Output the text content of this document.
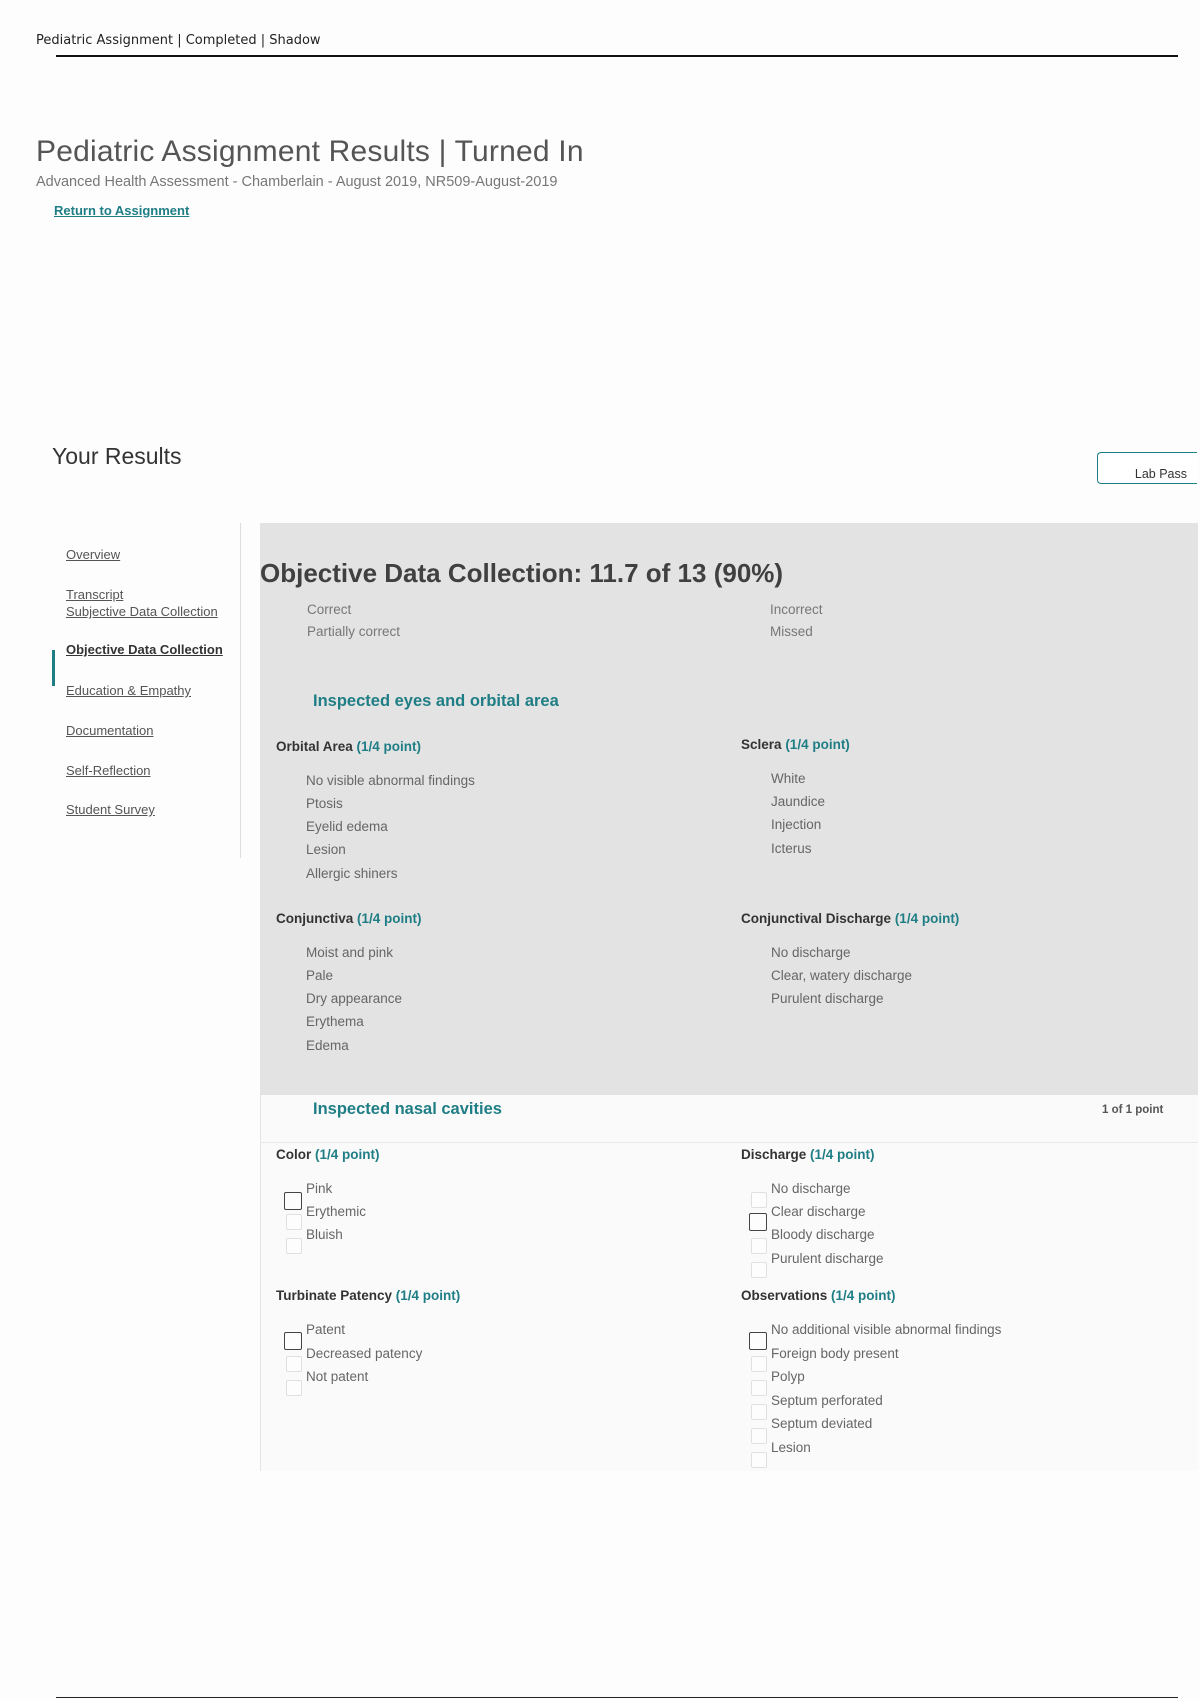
Pediatric Assignment | Completed | Shadow
Pediatric Assignment Results | Turned In
Advanced Health Assessment - Chamberlain - August 2019, NR509-August-2019
Return to Assignment
Your Results
Lab Pass
Overview
Transcript
Subjective Data Collection
Objective Data Collection
Education & Empathy
Documentation
Self-Reflection
Student Survey
Objective Data Collection: 11.7 of 13 (90%)
Correct
Partially correct
Incorrect
Missed
Inspected eyes and orbital area
Orbital Area (1/4 point)
No visible abnormal findings
Ptosis
Eyelid edema
Lesion
Allergic shiners
Sclera (1/4 point)
White
Jaundice
Injection
Icterus
Conjunctiva (1/4 point)
Moist and pink
Pale
Dry appearance
Erythema
Edema
Conjunctival Discharge (1/4 point)
No discharge
Clear, watery discharge
Purulent discharge
Inspected nasal cavities	1 of 1 point
Color (1/4 point)
Pink
Erythemic
Bluish
Discharge (1/4 point)
No discharge
Clear discharge
Bloody discharge
Purulent discharge
Turbinate Patency (1/4 point)
Patent
Decreased patency
Not patent
Observations (1/4 point)
No additional visible abnormal findings
Foreign body present
Polyp
Septum perforated
Septum deviated
Lesion
